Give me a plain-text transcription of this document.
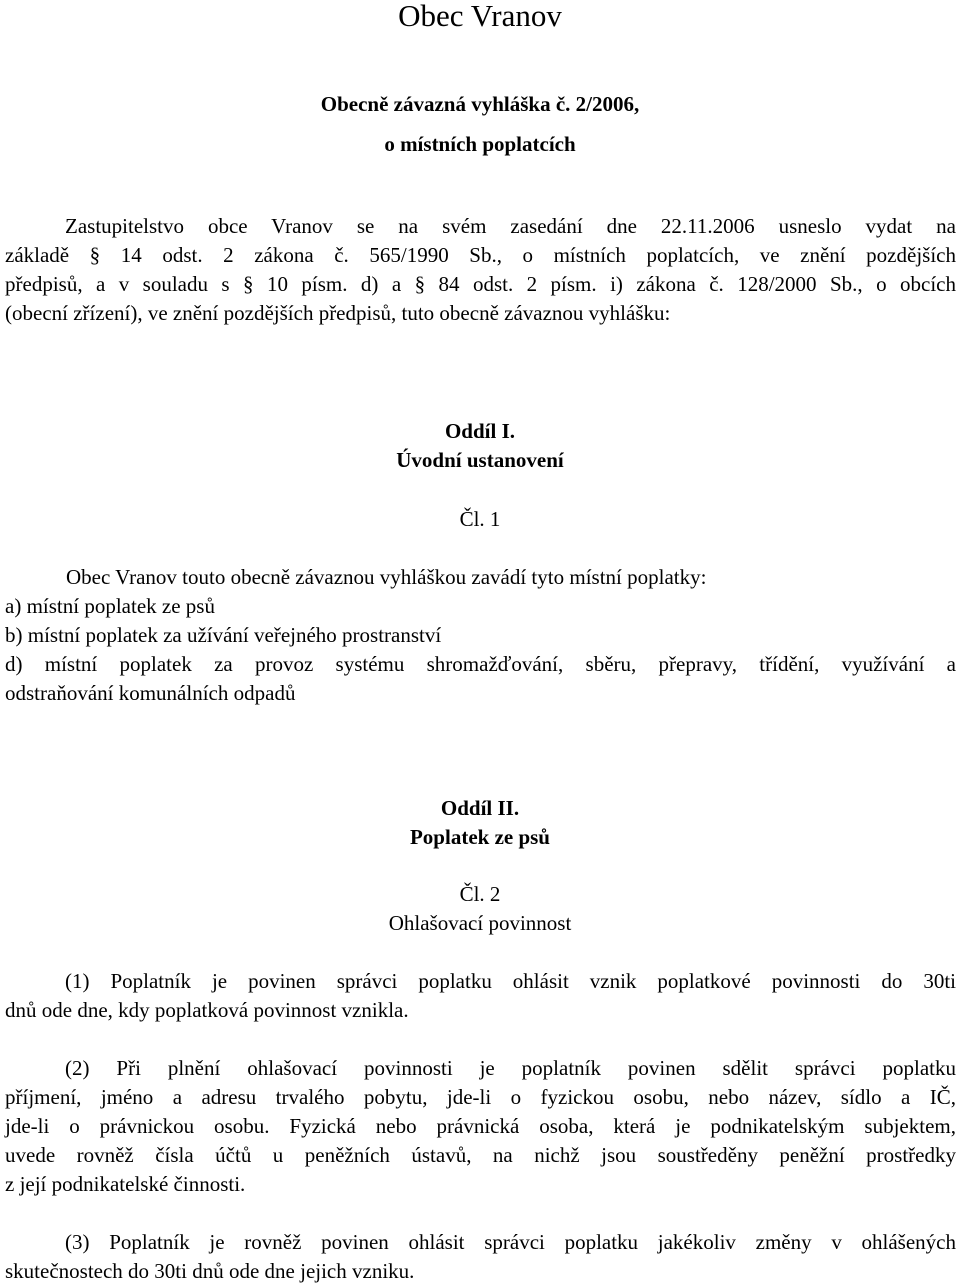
Obec Vranov

Obecně závazná vyhláška č. 2/2006,

o místních poplatcích

Zastupitelstvo obce Vranov se na svém zasedání dne 22.11.2006 usneslo vydat na

základě § 14 odst. 2 zákona č. 565/1990 Sb., o místních poplatcích, ve znění pozdějších

předpisů, a v souladu s § 10 písm. d) a § 84 odst. 2 písm. i) zákona č. 128/2000 Sb., o obcích

(obecní zřízení), ve znění pozdějších předpisů, tuto obecně závaznou vyhlášku:

Oddíl I.

Úvodní ustanovení

Čl. 1

Obec Vranov touto obecně závaznou vyhláškou zavádí tyto místní poplatky:

a) místní poplatek ze psů

b) místní poplatek za užívání veřejného prostranství

d) místní poplatek za provoz systému shromažďování, sběru, přepravy, třídění, využívání a

odstraňování komunálních odpadů

Oddíl II.

Poplatek ze psů

Čl. 2

Ohlašovací povinnost

(1) Poplatník je povinen správci poplatku ohlásit vznik poplatkové povinnosti do 30ti

dnů ode dne, kdy poplatková povinnost vznikla.

(2) Při plnění ohlašovací povinnosti je poplatník povinen sdělit správci poplatku

příjmení, jméno a adresu trvalého pobytu, jde-li o fyzickou osobu, nebo název, sídlo a IČ,

jde-li o právnickou osobu. Fyzická nebo právnická osoba, která je podnikatelským subjektem,

uvede rovněž čísla účtů u peněžních ústavů, na nichž jsou soustředěny peněžní prostředky

z její podnikatelské činnosti.

(3) Poplatník je rovněž povinen ohlásit správci poplatku jakékoliv změny v ohlášených

skutečnostech do 30ti dnů ode dne jejich vzniku.
